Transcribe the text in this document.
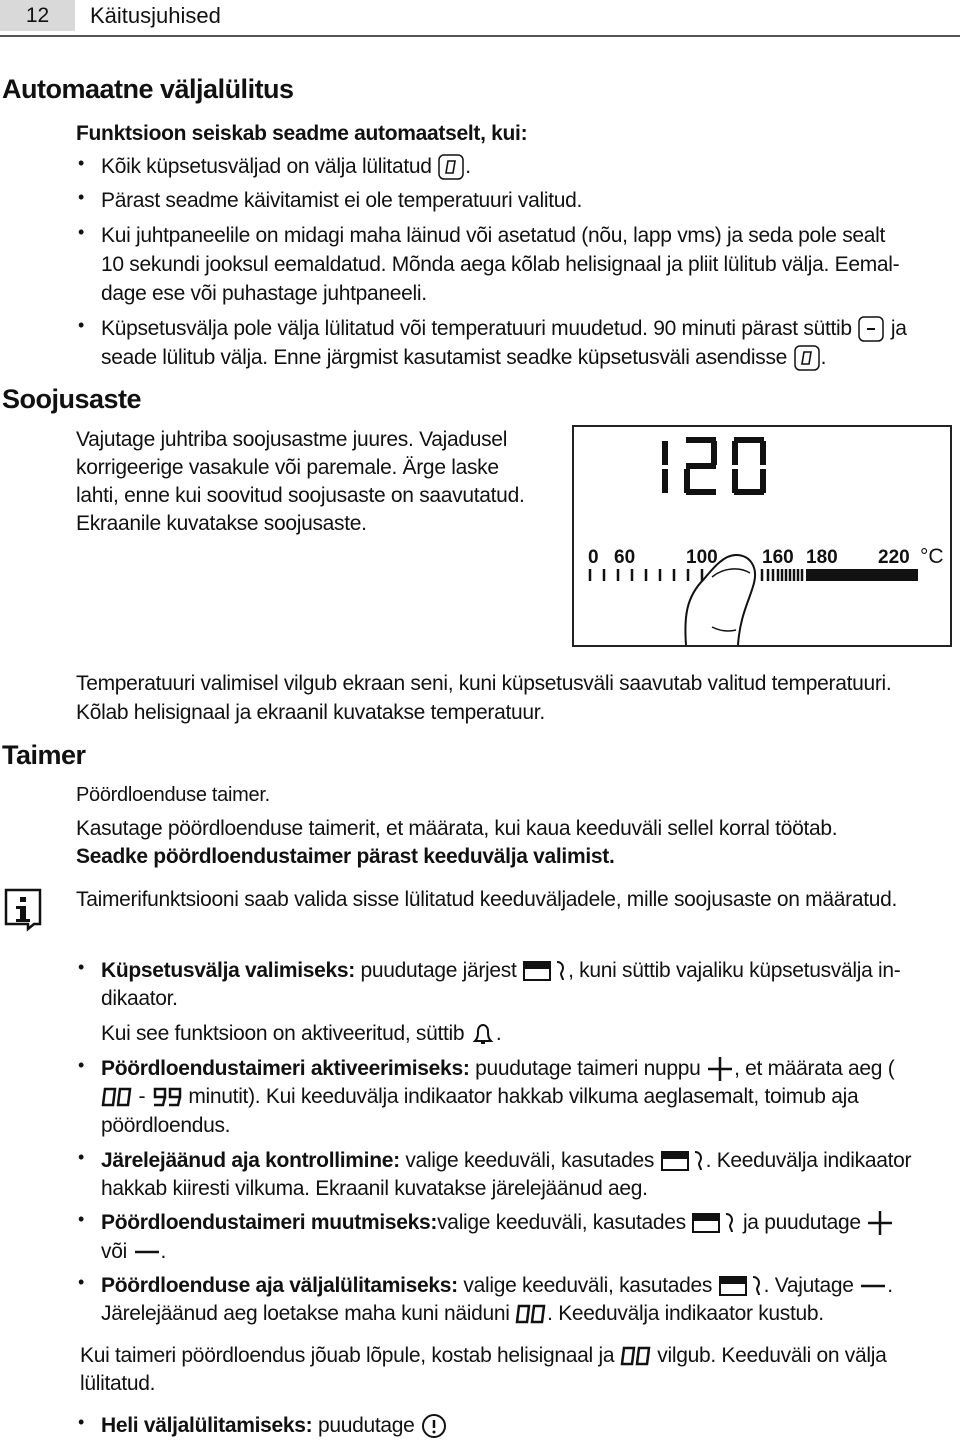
12	Käitusjuhised
Automaatne väljalülitus
Funktsioon seiskab seadme automaatselt, kui:
• Kõik küpsetusväljad on välja lülitatud .
• Pärast seadme käivitamist ei ole temperatuuri valitud.
• Kui juhtpaneelile on midagi maha läinud või asetatud (nõu, lapp vms) ja seda pole sealt
10 sekundi jooksul eemaldatud. Mõnda aega kõlab helisignaal ja pliit lülitub välja. Eemal-
dage ese või puhastage juhtpaneeli.
• Küpsetusvälja pole välja lülitatud või temperatuuri muudetud. 90 minuti pärast süttib ja
seade lülitub välja. Enne järgmist kasutamist seadke küpsetusväli asendisse .
Soojusaste
Vajutage juhtriba soojusastme juures. Vajadusel
korrigeerige vasakule või paremale. Ärge laske
lahti, enne kui soovitud soojusaste on saavutatud.
Ekraanile kuvatakse soojusaste.
120
0 60	100 160 180 220 °C
Temperatuuri valimisel vilgub ekraan seni, kuni küpsetusväli saavutab valitud temperatuuri.
Kõlab helisignaal ja ekraanil kuvatakse temperatuur.
Taimer
Pöördloenduse taimer.
Kasutage pöördloenduse taimerit, et määrata, kui kaua keeduväli sellel korral töötab.
Seadke pöördloendustaimer pärast keeduvälja valimist.
Taimerifunktsiooni saab valida sisse lülitatud keeduväljadele, mille soojusaste on määratud.
• Küpsetusvälja valimiseks: puudutage järjest , kuni süttib vajaliku küpsetusvälja in-
dikaator.
Kui see funktsioon on aktiveeritud, süttib .
• Pöördloendustaimeri aktiveerimiseks: puudutage taimeri nuppu , et määrata aeg (
- minutit). Kui keeduvälja indikaator hakkab vilkuma aeglasemalt, toimub aja
pöördloendus.
• Järelejäänud aja kontrollimine: valige keeduväli, kasutades . Keeduvälja indikaator
hakkab kiiresti vilkuma. Ekraanil kuvatakse järelejäänud aeg.
• Pöördloendustaimeri muutmiseks:valige keeduväli, kasutades	ja puudutage
või .
• Pöördloenduse aja väljalülitamiseks: valige keeduväli, kasutades . Vajutage .
Järelejäänud aeg loetakse maha kuni näiduni . Keeduvälja indikaator kustub.
Kui taimeri pöördloendus jõuab lõpule, kostab helisignaal ja vilgub. Keeduväli on välja
lülitatud.
• Heli väljalülitamiseks: puudutage
